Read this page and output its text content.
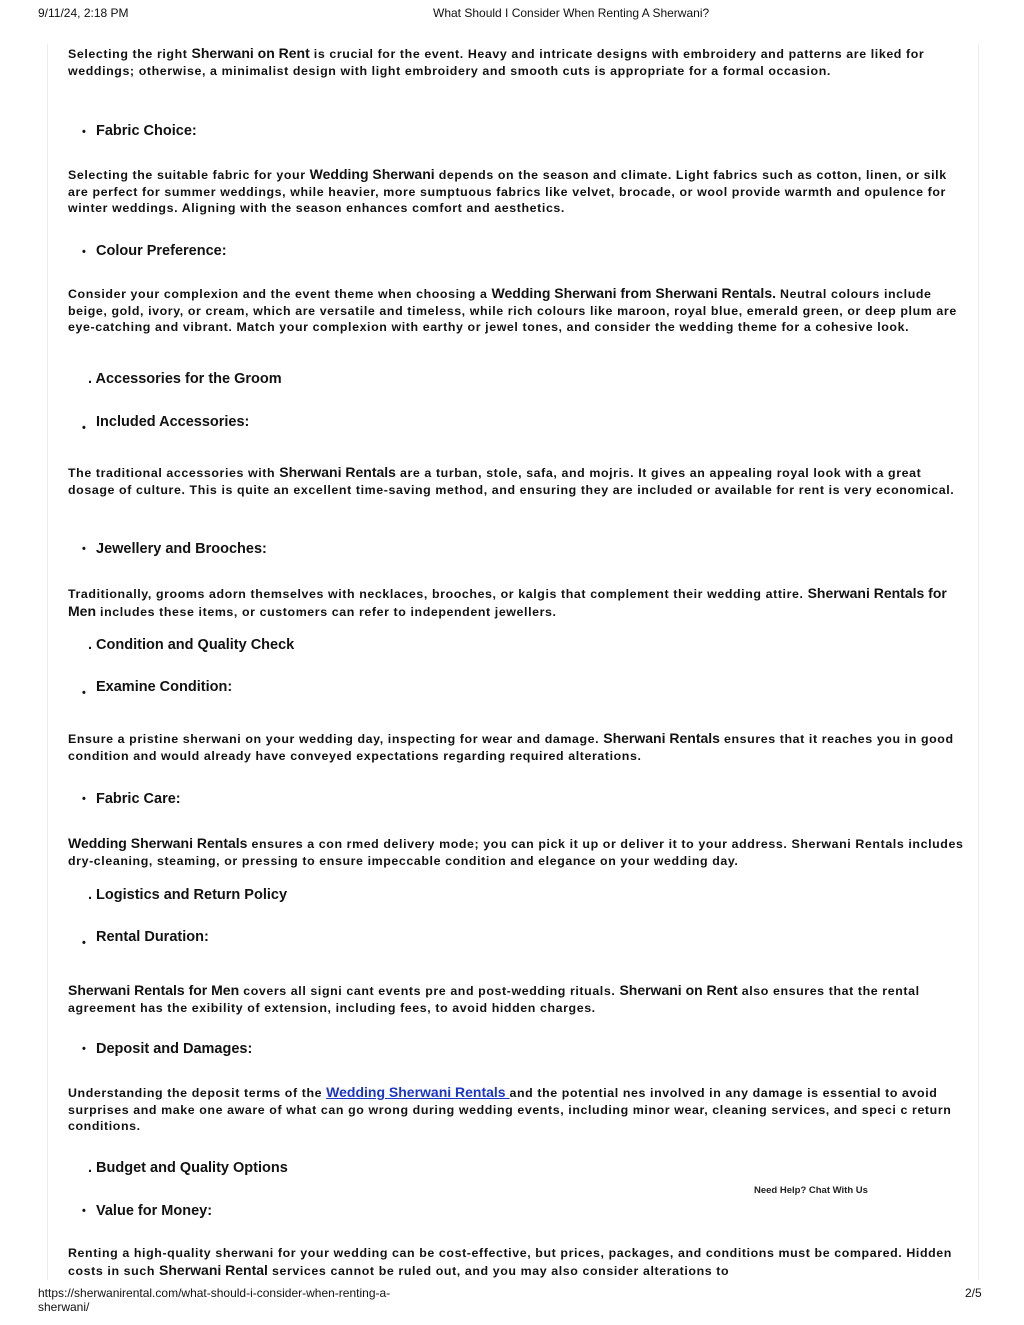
9/11/24, 2:18 PM	What Should I Consider When Renting A Sherwani?
Selecting the right Sherwani on Rent is crucial for the event. Heavy and intricate designs with embroidery and patterns are liked for weddings; otherwise, a minimalist design with light embroidery and smooth cuts is appropriate for a formal occasion.
• Fabric Choice:
Selecting the suitable fabric for your Wedding Sherwani depends on the season and climate. Light fabrics such as cotton, linen, or silk are perfect for summer weddings, while heavier, more sumptuous fabrics like velvet, brocade, or wool provide warmth and opulence for winter weddings. Aligning with the season enhances comfort and aesthetics.
• Colour Preference:
Consider your complexion and the event theme when choosing a Wedding Sherwani from Sherwani Rentals. Neutral colours include beige, gold, ivory, or cream, which are versatile and timeless, while rich colours like maroon, royal blue, emerald green, or deep plum are eye-catching and vibrant. Match your complexion with earthy or jewel tones, and consider the wedding theme for a cohesive look.
. Accessories for the Groom
• Included Accessories:
The traditional accessories with Sherwani Rentals are a turban, stole, safa, and mojris. It gives an appealing royal look with a great dosage of culture. This is quite an excellent time-saving method, and ensuring they are included or available for rent is very economical.
• Jewellery and Brooches:
Traditionally, grooms adorn themselves with necklaces, brooches, or kalgis that complement their wedding attire. Sherwani Rentals for Men includes these items, or customers can refer to independent jewellers.
. Condition and Quality Check
• Examine Condition:
Ensure a pristine sherwani on your wedding day, inspecting for wear and damage. Sherwani Rentals ensures that it reaches you in good condition and would already have conveyed expectations regarding required alterations.
• Fabric Care:
Wedding Sherwani Rentals ensures a con rmed delivery mode; you can pick it up or deliver it to your address. Sherwani Rentals includes dry-cleaning, steaming, or pressing to ensure impeccable condition and elegance on your wedding day.
. Logistics and Return Policy
• Rental Duration:
Sherwani Rentals for Men covers all signi cant events pre and post-wedding rituals. Sherwani on Rent also ensures that the rental agreement has the exibility of extension, including fees, to avoid hidden charges.
• Deposit and Damages:
Understanding the deposit terms of the Wedding Sherwani Rentals and the potential nes involved in any damage is essential to avoid surprises and make one aware of what can go wrong during wedding events, including minor wear, cleaning services, and speci c return conditions.
. Budget and Quality Options
Need Help? Chat With Us
• Value for Money:
Renting a high-quality sherwani for your wedding can be cost-effective, but prices, packages, and conditions must be compared. Hidden costs in such Sherwani Rental services cannot be ruled out, and you may also consider alterations to
https://sherwanirental.com/what-should-i-consider-when-renting-a-
sherwani/
2/5
